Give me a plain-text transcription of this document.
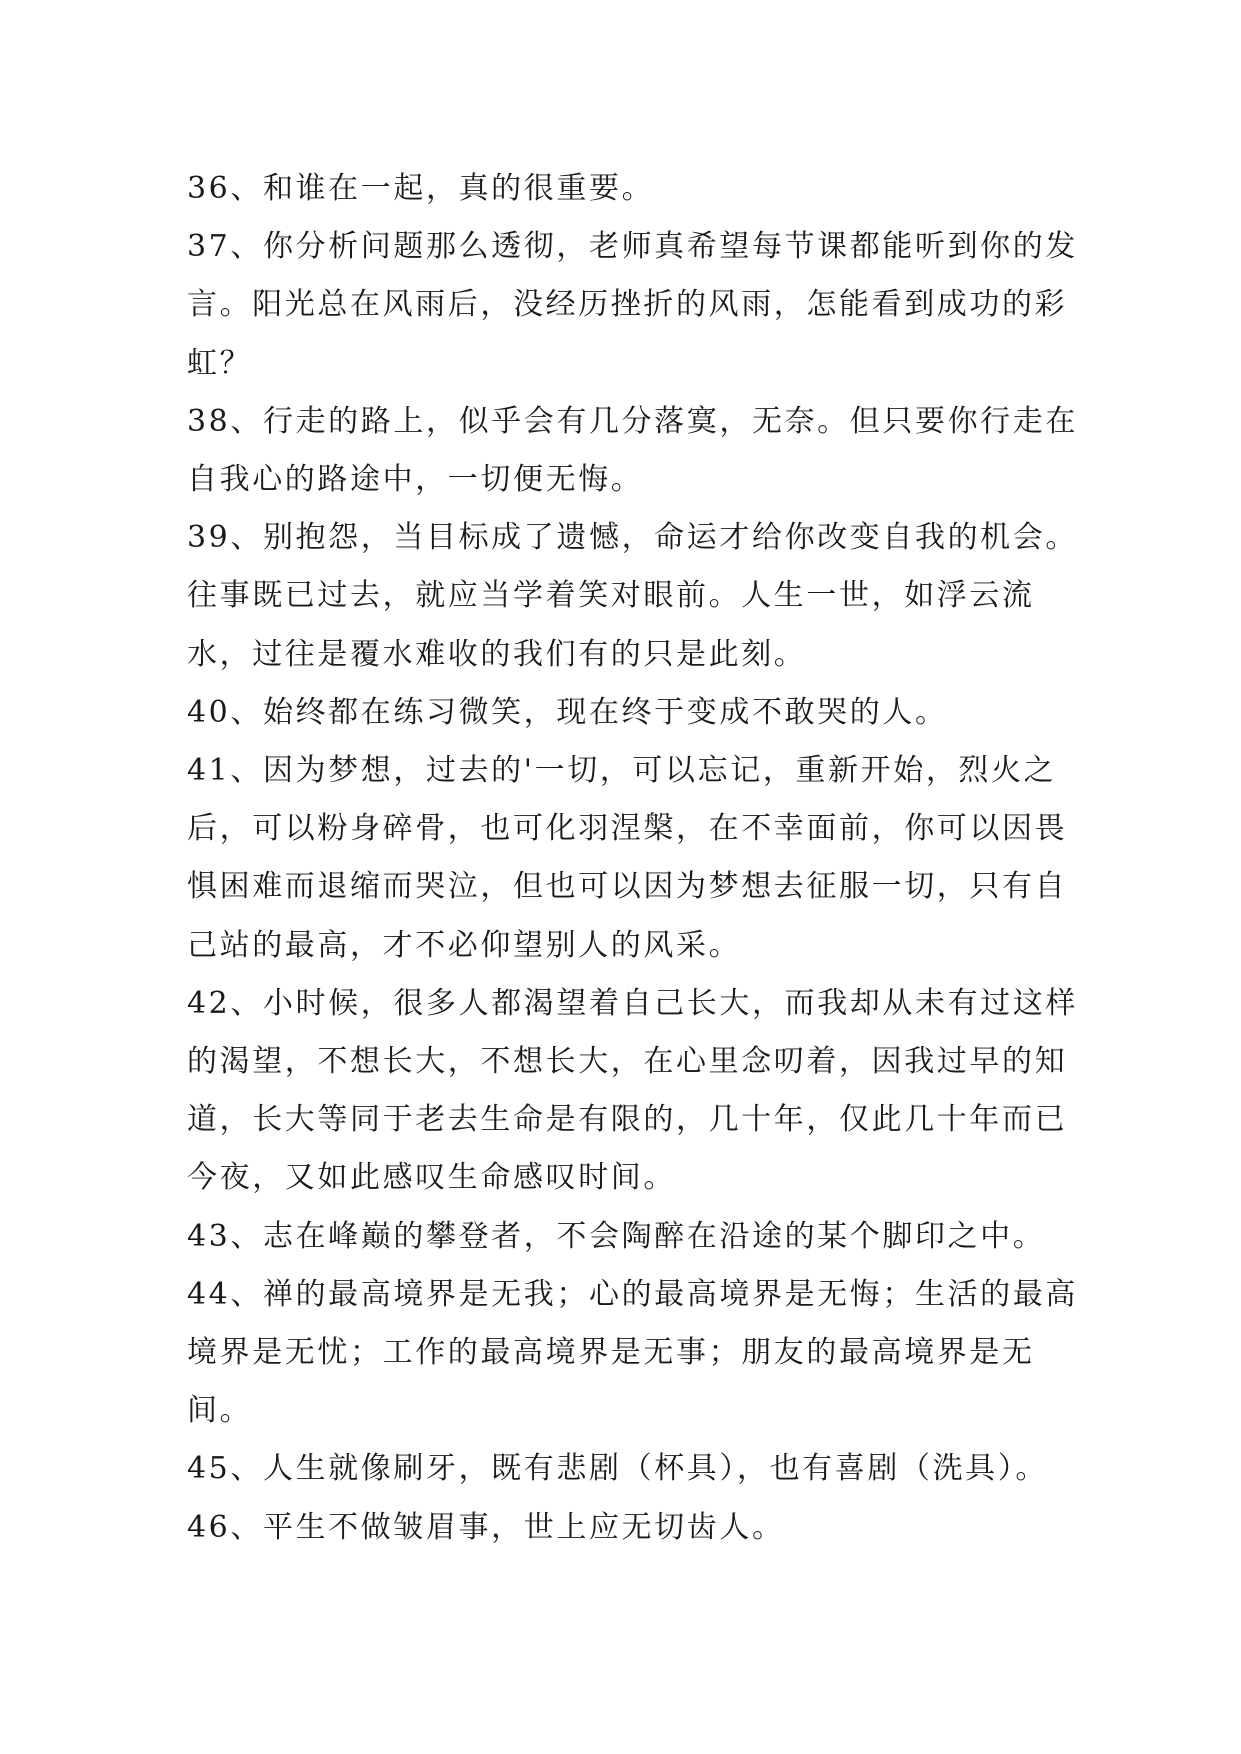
36、和谁在一起，真的很重要。

37、你分析问题那么透彻，老师真希望每节课都能听到你的发言。阳光总在风雨后，没经历挫折的风雨，怎能看到成功的彩虹？

38、行走的路上，似乎会有几分落寞，无奈。但只要你行走在自我心的路途中，一切便无悔。

39、别抱怨，当目标成了遗憾，命运才给你改变自我的机会。往事既已过去，就应当学着笑对眼前。人生一世，如浮云流水，过往是覆水难收的我们有的只是此刻。

40、始终都在练习微笑，现在终于变成不敢哭的人。

41、因为梦想，过去的'一切，可以忘记，重新开始，烈火之后，可以粉身碎骨，也可化羽涅槃，在不幸面前，你可以因畏惧困难而退缩而哭泣，但也可以因为梦想去征服一切，只有自己站的最高，才不必仰望别人的风采。

42、小时候，很多人都渴望着自己长大，而我却从未有过这样的渴望，不想长大，不想长大，在心里念叨着，因我过早的知道，长大等同于老去生命是有限的，几十年，仅此几十年而已今夜，又如此感叹生命感叹时间。

43、志在峰巅的攀登者，不会陶醉在沿途的某个脚印之中。

44、禅的最高境界是无我；心的最高境界是无悔；生活的最高境界是无忧；工作的最高境界是无事；朋友的最高境界是无间。

45、人生就像刷牙，既有悲剧（杯具），也有喜剧（洗具）。

46、平生不做皱眉事，世上应无切齿人。
